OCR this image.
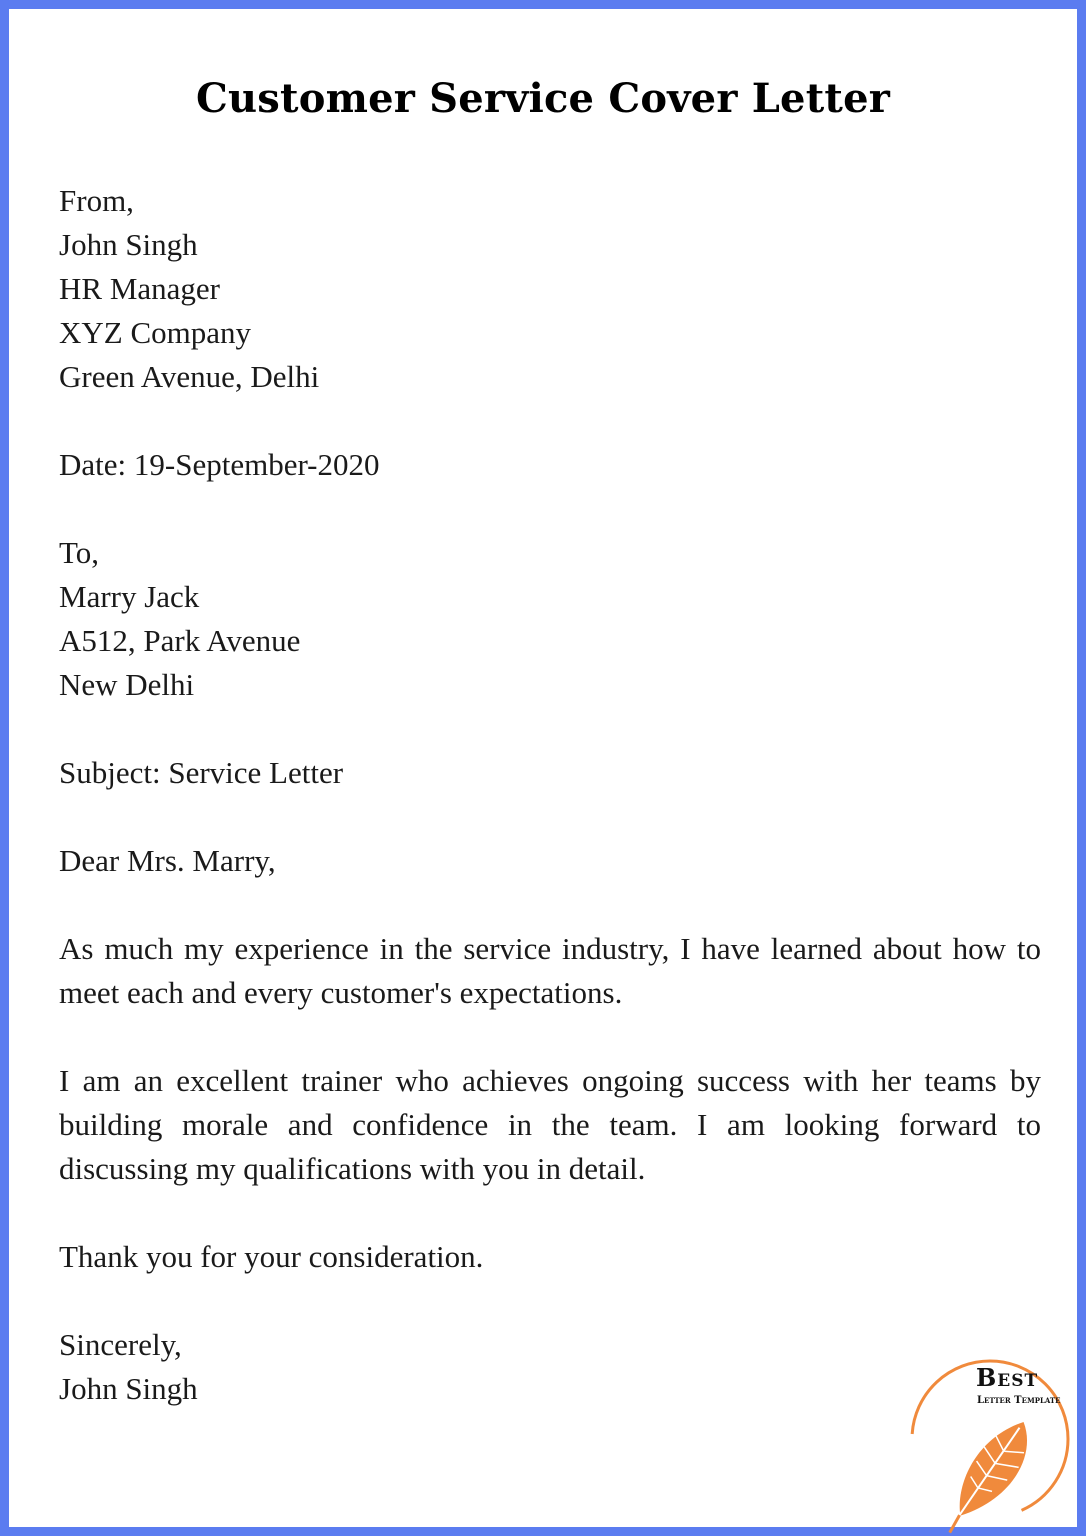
Customer Service Cover Letter
From,
John Singh
HR Manager
XYZ Company
Green Avenue, Delhi
Date: 19-September-2020
To,
Marry Jack
A512, Park Avenue
New Delhi
Subject: Service Letter
Dear Mrs. Marry,
As much my experience in the service industry, I have learned about how to meet each and every customer's expectations.
I am an excellent trainer who achieves ongoing success with her teams by building morale and confidence in the team. I am looking forward to discussing my qualifications with you in detail.
Thank you for your consideration.
Sincerely,
John Singh	Best
Letter Template
